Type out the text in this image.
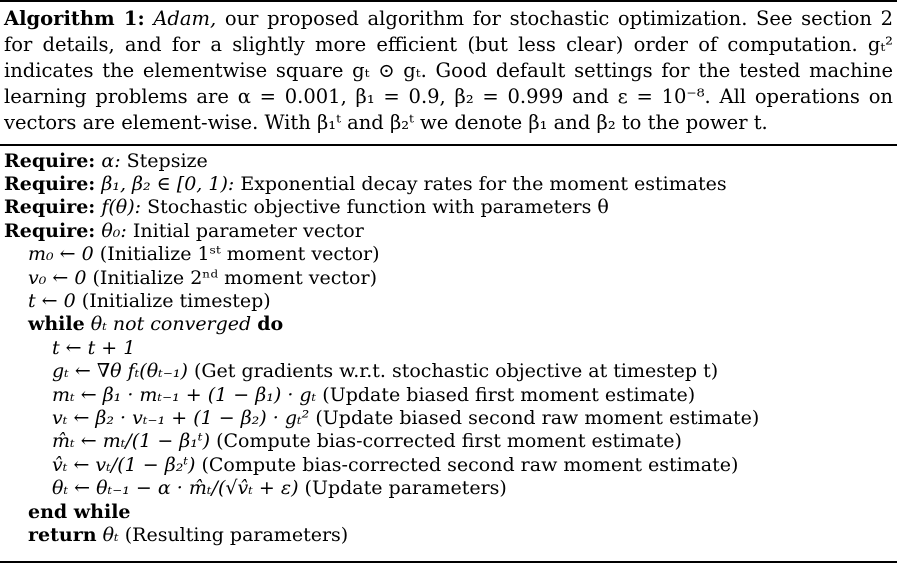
Algorithm 1: Adam, our proposed algorithm for stochastic optimization. See section 2 for details, and for a slightly more efficient (but less clear) order of computation. gₜ² indicates the elementwise square gₜ ⊙ gₜ. Good default settings for the tested machine learning problems are α = 0.001, β₁ = 0.9, β₂ = 0.999 and ε = 10⁻⁸. All operations on vectors are element-wise. With β₁ᵗ and β₂ᵗ we denote β₁ and β₂ to the power t.
Require: α: Stepsize
Require: β₁, β₂ ∈ [0, 1): Exponential decay rates for the moment estimates
Require: f(θ): Stochastic objective function with parameters θ
Require: θ₀: Initial parameter vector
m₀ ← 0 (Initialize 1ˢᵗ moment vector)
v₀ ← 0 (Initialize 2ⁿᵈ moment vector)
t ← 0 (Initialize timestep)
while θₜ not converged do
t ← t + 1
gₜ ← ∇θ fₜ(θₜ₋₁) (Get gradients w.r.t. stochastic objective at timestep t)
mₜ ← β₁ · mₜ₋₁ + (1 − β₁) · gₜ (Update biased first moment estimate)
vₜ ← β₂ · vₜ₋₁ + (1 − β₂) · gₜ² (Update biased second raw moment estimate)
m̂ₜ ← mₜ/(1 − β₁ᵗ) (Compute bias-corrected first moment estimate)
v̂ₜ ← vₜ/(1 − β₂ᵗ) (Compute bias-corrected second raw moment estimate)
θₜ ← θₜ₋₁ − α · m̂ₜ/(√v̂ₜ + ε) (Update parameters)
end while
return θₜ (Resulting parameters)
